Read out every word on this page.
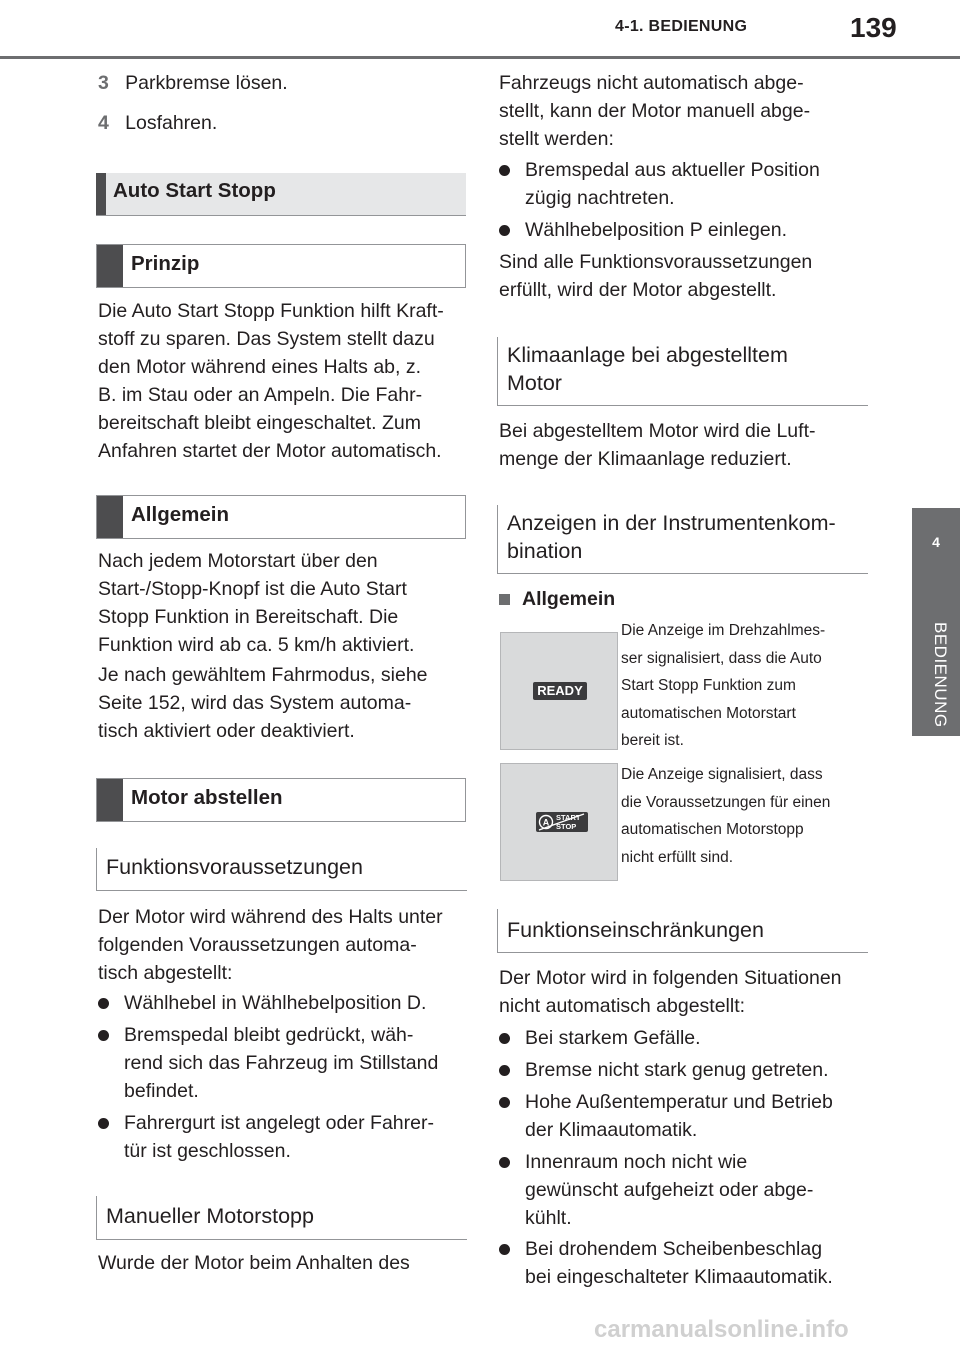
4-1. BEDIENUNG	139
4
BEDIENUNG
3 Parkbremse lösen.
4 Losfahren.
Auto Start Stopp
Prinzip
Die Auto Start Stopp Funktion hilft Kraft-
stoff zu sparen. Das System stellt dazu
den Motor während eines Halts ab, z.
B. im Stau oder an Ampeln. Die Fahr-
bereitschaft bleibt eingeschaltet. Zum
Anfahren startet der Motor automatisch.
Allgemein
Nach jedem Motorstart über den
Start-/Stopp-Knopf ist die Auto Start
Stopp Funktion in Bereitschaft. Die
Funktion wird ab ca. 5 km/h aktiviert.
Je nach gewähltem Fahrmodus, siehe
Seite 152, wird das System automa-
tisch aktiviert oder deaktiviert.
Motor abstellen
Funktionsvoraussetzungen
Der Motor wird während des Halts unter
folgenden Voraussetzungen automa-
tisch abgestellt:
Wählhebel in Wählhebelposition D.
Bremspedal bleibt gedrückt, wäh-
rend sich das Fahrzeug im Stillstand
befindet.
Fahrergurt ist angelegt oder Fahrer-
tür ist geschlossen.
Manueller Motorstopp
Wurde der Motor beim Anhalten des
Fahrzeugs nicht automatisch abge-
stellt, kann der Motor manuell abge-
stellt werden:
Bremspedal aus aktueller Position
zügig nachtreten.
Wählhebelposition P einlegen.
Sind alle Funktionsvoraussetzungen
erfüllt, wird der Motor abgestellt.
Klimaanlage bei abgestelltem
Motor
Bei abgestelltem Motor wird die Luft-
menge der Klimaanlage reduziert.
Anzeigen in der Instrumentenkom-
bination
Allgemein
READY
Die Anzeige im Drehzahlmes-
ser signalisiert, dass die Auto
Start Stopp Funktion zum
automatischen Motorstart
bereit ist.
A START
STOP
Die Anzeige signalisiert, dass
die Voraussetzungen für einen
automatischen Motorstopp
nicht erfüllt sind.
Funktionseinschränkungen
Der Motor wird in folgenden Situationen
nicht automatisch abgestellt:
Bei starkem Gefälle.
Bremse nicht stark genug getreten.
Hohe Außentemperatur und Betrieb
der Klimaautomatik.
Innenraum noch nicht wie
gewünscht aufgeheizt oder abge-
kühlt.
Bei drohendem Scheibenbeschlag
bei eingeschalteter Klimaautomatik.
carmanualsonline.info
